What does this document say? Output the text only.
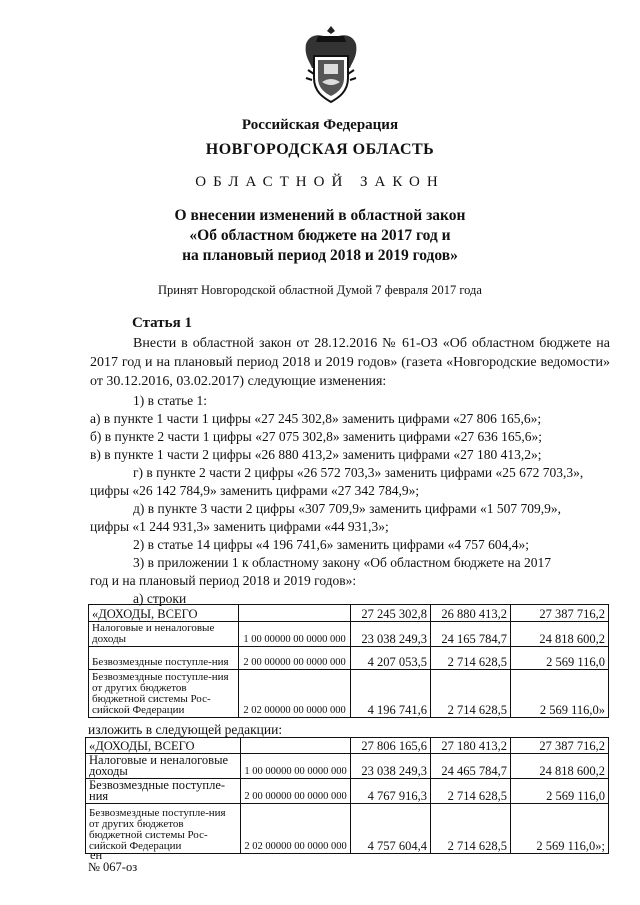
Российская Федерация
НОВГОРОДСКАЯ ОБЛАСТЬ
ОБЛАСТНОЙ ЗАКОН
О внесении изменений в областной закон
«Об областном бюджете на 2017 год и
на плановый период 2018 и 2019 годов»
Принят Новгородской областной Думой 7 февраля 2017 года
Статья 1
Внести в областной закон от 28.12.2016 № 61-ОЗ «Об областном бюджете на 2017 год и на плановый период 2018 и 2019 годов» (газета «Новгородские ведомости» от 30.12.2016, 03.02.2017) следующие изменения:
1) в статье 1:
а) в пункте 1 части 1 цифры «27 245 302,8» заменить цифрами «27 806 165,6»;
б) в пункте 2 части 1 цифры «27 075 302,8» заменить цифрами «27 636 165,6»;
в) в пункте 1 части 2 цифры «26 880 413,2» заменить цифрами «27 180 413,2»;
г) в пункте 2 части 2 цифры «26 572 703,3» заменить цифрами «25 672 703,3»,
цифры «26 142 784,9» заменить цифрами «27 342 784,9»;
д) в пункте 3 части 2 цифры «307 709,9» заменить цифрами «1 507 709,9»,
цифры «1 244 931,3» заменить цифрами «44 931,3»;
2) в статье 14 цифры «4 196 741,6» заменить цифрами «4 757 604,4»;
3) в приложении 1 к областному закону «Об областном бюджете на 2017
год и на плановый период 2018 и 2019 годов»:
а) строки
«ДОХОДЫ, ВСЕГО		27 245 302,8	26 880 413,2	27 387 716,2
Налоговые и неналоговые доходы	1 00 00000 00 0000 000	23 038 249,3	24 165 784,7	24 818 600,2
Безвозмездные поступле-ния	2 00 00000 00 0000 000	4 207 053,5	2 714 628,5	2 569 116,0
Безвозмездные поступле-ния от других бюджетов бюджетной системы Рос-сийской Федерации	2 02 00000 00 0000 000	4 196 741,6	2 714 628,5	2 569 116,0»
изложить в следующей редакции:
«ДОХОДЫ, ВСЕГО		27 806 165,6	27 180 413,2	27 387 716,2
Налоговые и неналоговые доходы	1 00 00000 00 0000 000	23 038 249,3	24 465 784,7	24 818 600,2
Безвозмездные поступле-ния	2 00 00000 00 0000 000	4 767 916,3	2 714 628,5	2 569 116,0
Безвозмездные поступле-ния от других бюджетов бюджетной системы Рос-сийской Федерации	2 02 00000 00 0000 000	4 757 604,4	2 714 628,5	2 569 116,0»;
ен
№ 067-оз
